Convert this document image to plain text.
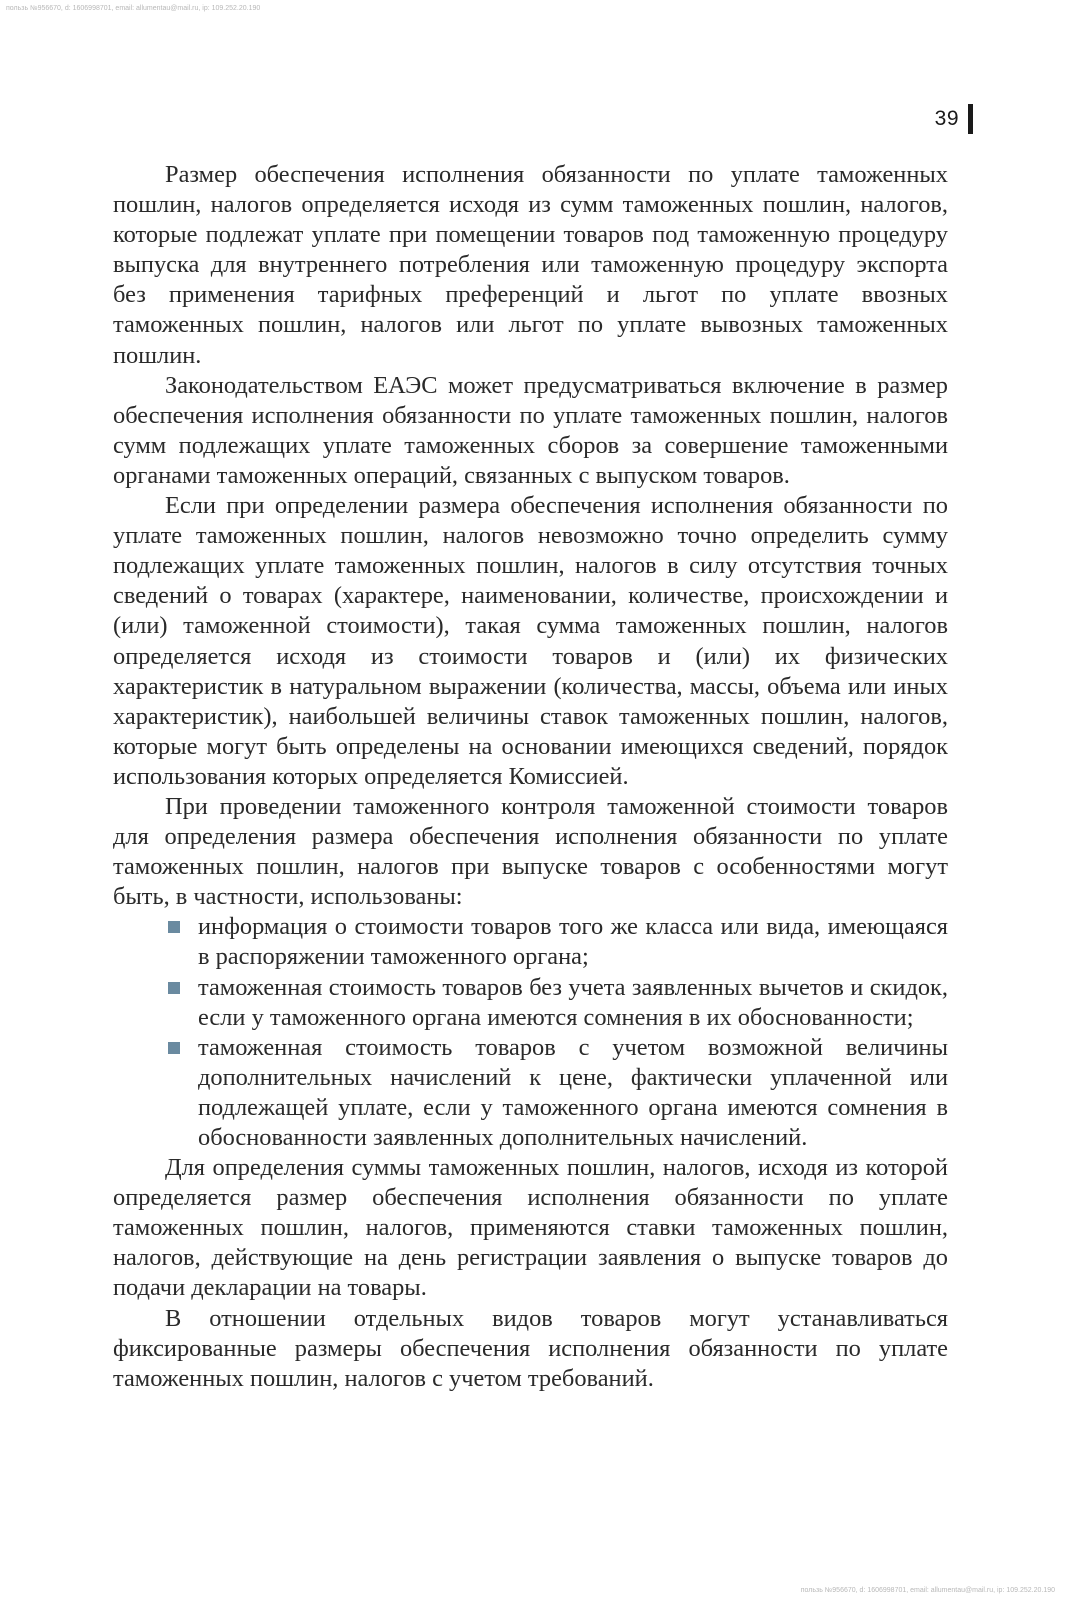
пользь №956670, d: 1606998701, email: allumentau@mail.ru, ip: 109.252.20.190
39

Размер обеспечения исполнения обязанности по уплате таможенных пошлин, налогов определяется исходя из сумм таможенных пошлин, налогов, которые подлежат уплате при помещении товаров под таможенную процедуру выпуска для внутреннего потребления или таможенную процедуру экспорта без применения тарифных преференций и льгот по уплате ввозных таможенных пошлин, налогов или льгот по уплате вывозных таможенных пошлин.

Законодательством ЕАЭС может предусматриваться включение в размер обеспечения исполнения обязанности по уплате таможенных пошлин, налогов сумм подлежащих уплате таможенных сборов за совершение таможенными органами таможенных операций, связанных с выпуском товаров.

Если при определении размера обеспечения исполнения обязанности по уплате таможенных пошлин, налогов невозможно точно определить сумму подлежащих уплате таможенных пошлин, налогов в силу отсутствия точных сведений о товарах (характере, наименовании, количестве, происхождении и (или) таможенной стоимости), такая сумма таможенных пошлин, налогов определяется исходя из стоимости товаров и (или) их физических характеристик в натуральном выражении (количества, массы, объема или иных характеристик), наибольшей величины ставок таможенных пошлин, налогов, которые могут быть определены на основании имеющихся сведений, порядок использования которых определяется Комиссией.

При проведении таможенного контроля таможенной стоимости товаров для определения размера обеспечения исполнения обязанности по уплате таможенных пошлин, налогов при выпуске товаров с особенностями могут быть, в частности, использованы:

информация о стоимости товаров того же класса или вида, имеющаяся в распоряжении таможенного органа;
таможенная стоимость товаров без учета заявленных вычетов и скидок, если у таможенного органа имеются сомнения в их обоснованности;
таможенная стоимость товаров с учетом возможной величины дополнительных начислений к цене, фактически уплаченной или подлежащей уплате, если у таможенного органа имеются сомнения в обоснованности заявленных дополнительных начислений.

Для определения суммы таможенных пошлин, налогов, исходя из которой определяется размер обеспечения исполнения обязанности по уплате таможенных пошлин, налогов, применяются ставки таможенных пошлин, налогов, действующие на день регистрации заявления о выпуске товаров до подачи декларации на товары.

В отношении отдельных видов товаров могут устанавливаться фиксированные размеры обеспечения исполнения обязанности по уплате таможенных пошлин, налогов с учетом требований.

пользь №956670, d: 1606998701, email: allumentau@mail.ru, ip: 109.252.20.190
